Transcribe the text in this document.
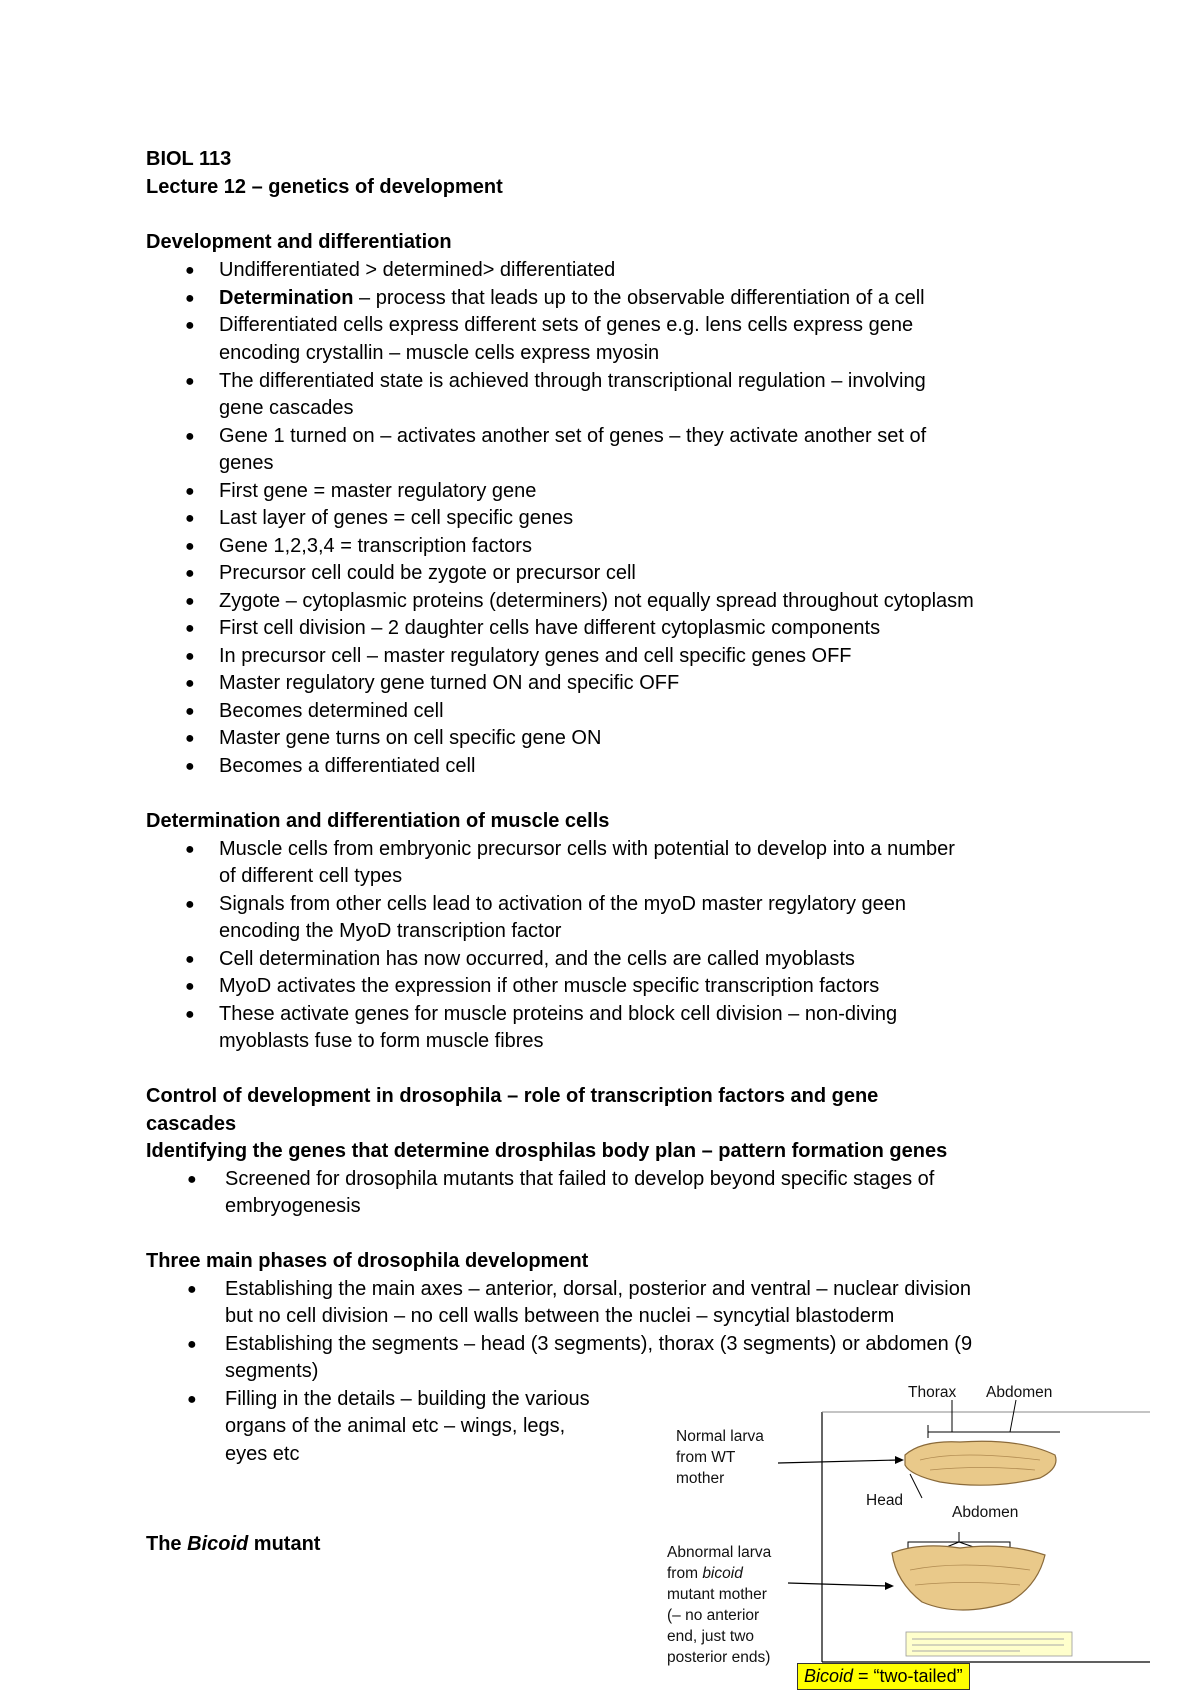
BIOL 113
Lecture 12 – genetics of development
Development and differentiation
● Undifferentiated > determined> differentiated
● Determination – process that leads up to the observable differentiation of a cell
● Differentiated cells express different sets of genes e.g. lens cells express gene
encoding crystallin – muscle cells express myosin
● The differentiated state is achieved through transcriptional regulation – involving
gene cascades
● Gene 1 turned on – activates another set of genes – they activate another set of
genes
● First gene = master regulatory gene
● Last layer of genes = cell specific genes
● Gene 1,2,3,4 = transcription factors
● Precursor cell could be zygote or precursor cell
● Zygote – cytoplasmic proteins (determiners) not equally spread throughout cytoplasm
● First cell division – 2 daughter cells have different cytoplasmic components
● In precursor cell – master regulatory genes and cell specific genes OFF
● Master regulatory gene turned ON and specific OFF
● Becomes determined cell
● Master gene turns on cell specific gene ON
● Becomes a differentiated cell
Determination and differentiation of muscle cells
● Muscle cells from embryonic precursor cells with potential to develop into a number
of different cell types
● Signals from other cells lead to activation of the myoD master regylatory geen
encoding the MyoD transcription factor
● Cell determination has now occurred, and the cells are called myoblasts
● MyoD activates the expression if other muscle specific transcription factors
● These activate genes for muscle proteins and block cell division – non-diving
myoblasts fuse to form muscle fibres
Control of development in drosophila – role of transcription factors and gene
cascades
Identifying the genes that determine drosphilas body plan – pattern formation genes
● Screened for drosophila mutants that failed to develop beyond specific stages of
embryogenesis
Three main phases of drosophila development
● Establishing the main axes – anterior, dorsal, posterior and ventral – nuclear division
but no cell division – no cell walls between the nuclei – syncytial blastoderm
● Establishing the segments – head (3 segments), thorax (3 segments) or abdomen (9
segments)
● Filling in the details – building the various
organs of the animal etc – wings, legs,
eyes etc
The Bicoid mutant
Thorax Abdomen
Normal larva
from WT
mother
Head
Abdomen
Abnormal larva
from bicoid
mutant mother
(– no anterior
end, just two
posterior ends)
Bicoid = “two-tailed”
